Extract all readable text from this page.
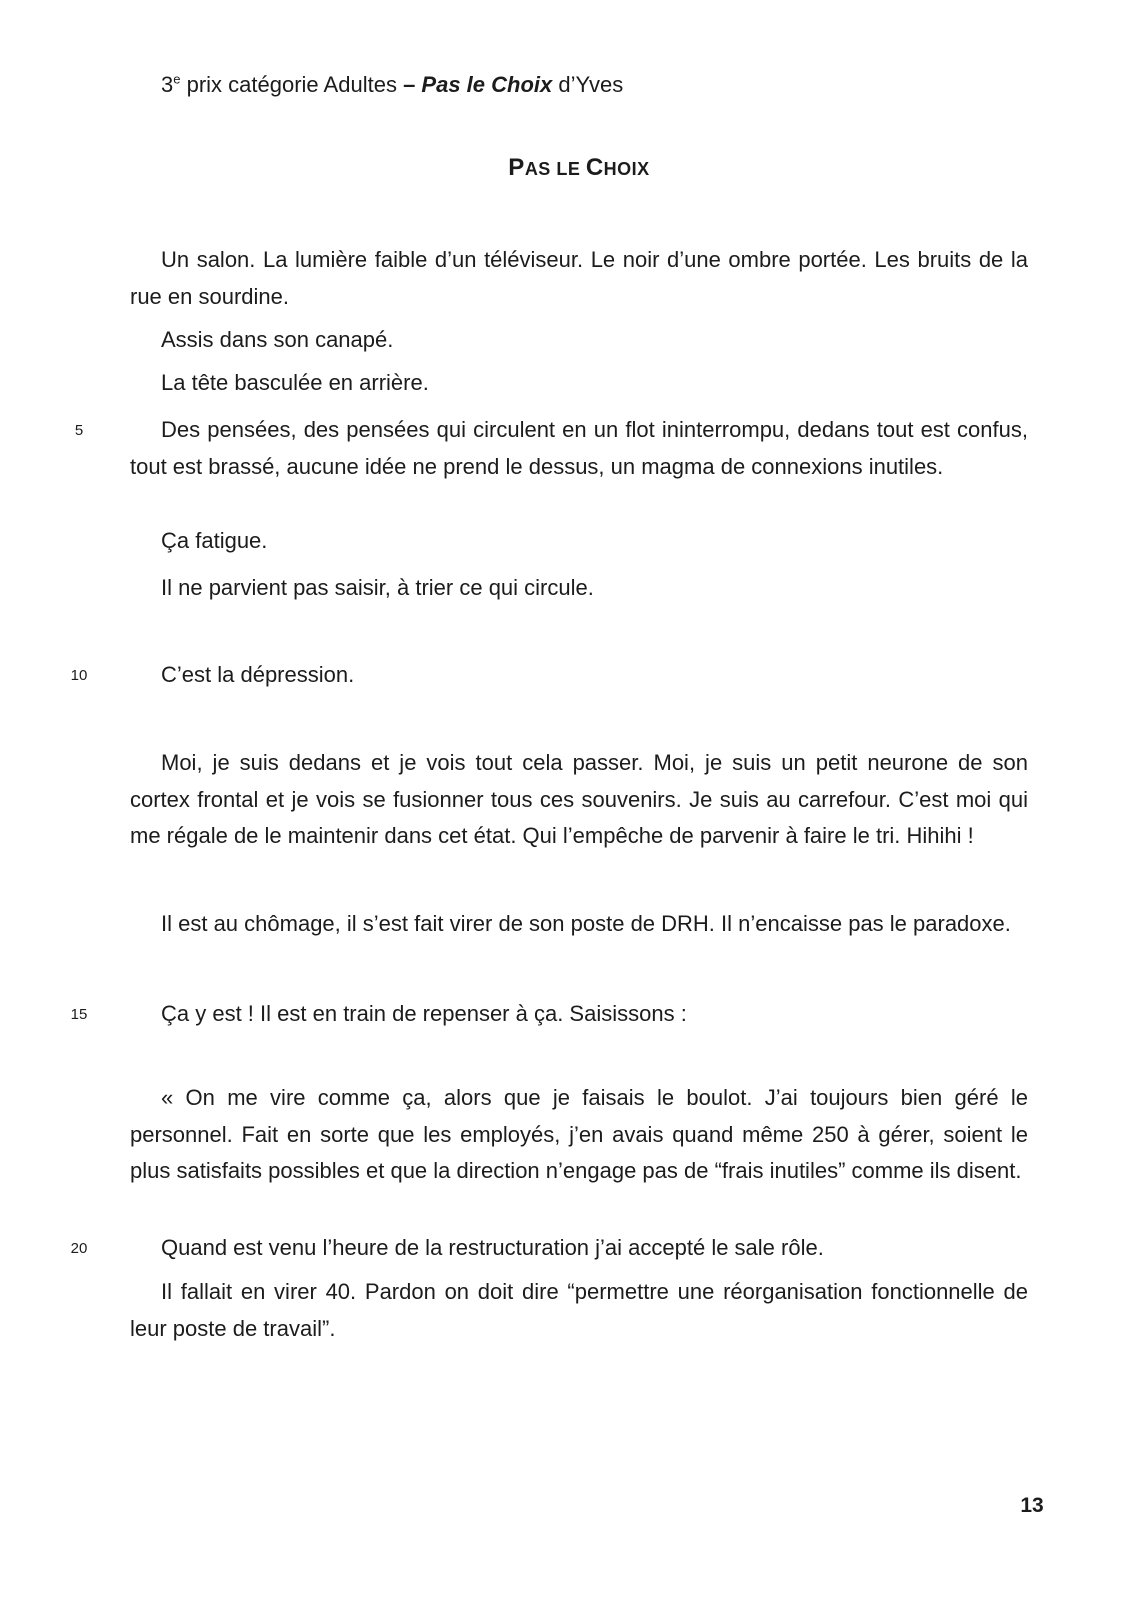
3e prix catégorie Adultes – Pas le Choix d’Yves
PAS LE CHOIX
5
10
15
20

Un salon. La lumière faible d’un téléviseur. Le noir d’une ombre portée. Les bruits de la rue en sourdine.

Assis dans son canapé.

La tête basculée en arrière.

Des pensées, des pensées qui circulent en un flot ininterrompu, dedans tout est confus, tout est brassé, aucune idée ne prend le dessus, un magma de connexions inutiles.

Ça fatigue.

Il ne parvient pas saisir, à trier ce qui circule.

C’est la dépression.

Moi, je suis dedans et je vois tout cela passer. Moi, je suis un petit neurone de son cortex frontal et je vois se fusionner tous ces souvenirs. Je suis au carrefour. C’est moi qui me régale de le maintenir dans cet état. Qui l’empêche de parvenir à faire le tri. Hihihi !

Il est au chômage, il s’est fait virer de son poste de DRH. Il n’encaisse pas le paradoxe.

Ça y est ! Il est en train de repenser à ça. Saisissons :

« On me vire comme ça, alors que je faisais le boulot. J’ai toujours bien géré le personnel. Fait en sorte que les employés, j’en avais quand même 250 à gérer, soient le plus satisfaits possibles et que la direction n’engage pas de “frais inutiles” comme ils disent.

Quand est venu l’heure de la restructuration j’ai accepté le sale rôle.

Il fallait en virer 40. Pardon on doit dire “permettre une réorganisation fonctionnelle de leur poste de travail”.

13
